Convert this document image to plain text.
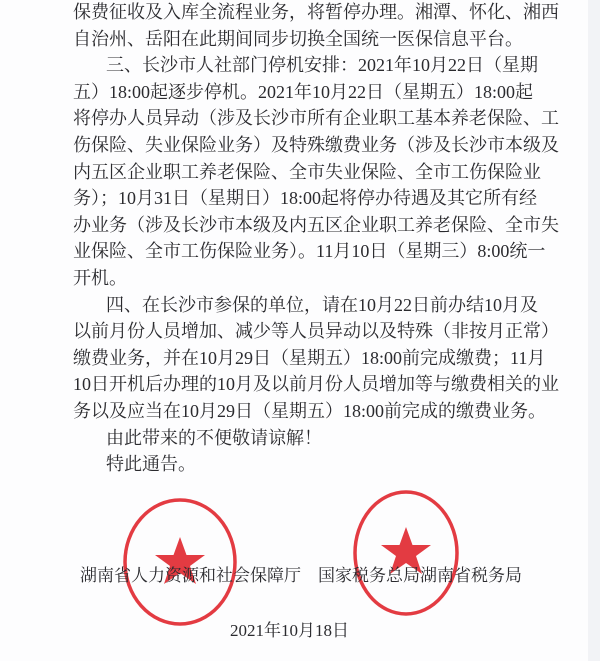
保费征收及入库全流程业务，将暂停办理。湘潭、怀化、湘西
自治州、岳阳在此期间同步切换全国统一医保信息平台。
三、长沙市人社部门停机安排：2021年10月22日（星期
五）18:00起逐步停机。2021年10月22日（星期五）18:00起
将停办人员异动（涉及长沙市所有企业职工基本养老保险、工
伤保险、失业保险业务）及特殊缴费业务（涉及长沙市本级及
内五区企业职工养老保险、全市失业保险、全市工伤保险业
务）；10月31日（星期日）18:00起将停办待遇及其它所有经
办业务（涉及长沙市本级及内五区企业职工养老保险、全市失
业保险、全市工伤保险业务）。11月10日（星期三）8:00统一
开机。
四、在长沙市参保的单位，请在10月22日前办结10月及
以前月份人员增加、减少等人员异动以及特殊（非按月正常）
缴费业务，并在10月29日（星期五）18:00前完成缴费；11月
10日开机后办理的10月及以前月份人员增加等与缴费相关的业
务以及应当在10月29日（星期五）18:00前完成的缴费业务。
由此带来的不便敬请谅解！
特此通告。
湖南省人力资源和社会保障厅 国家税务总局湖南省税务局
2021年10月18日
